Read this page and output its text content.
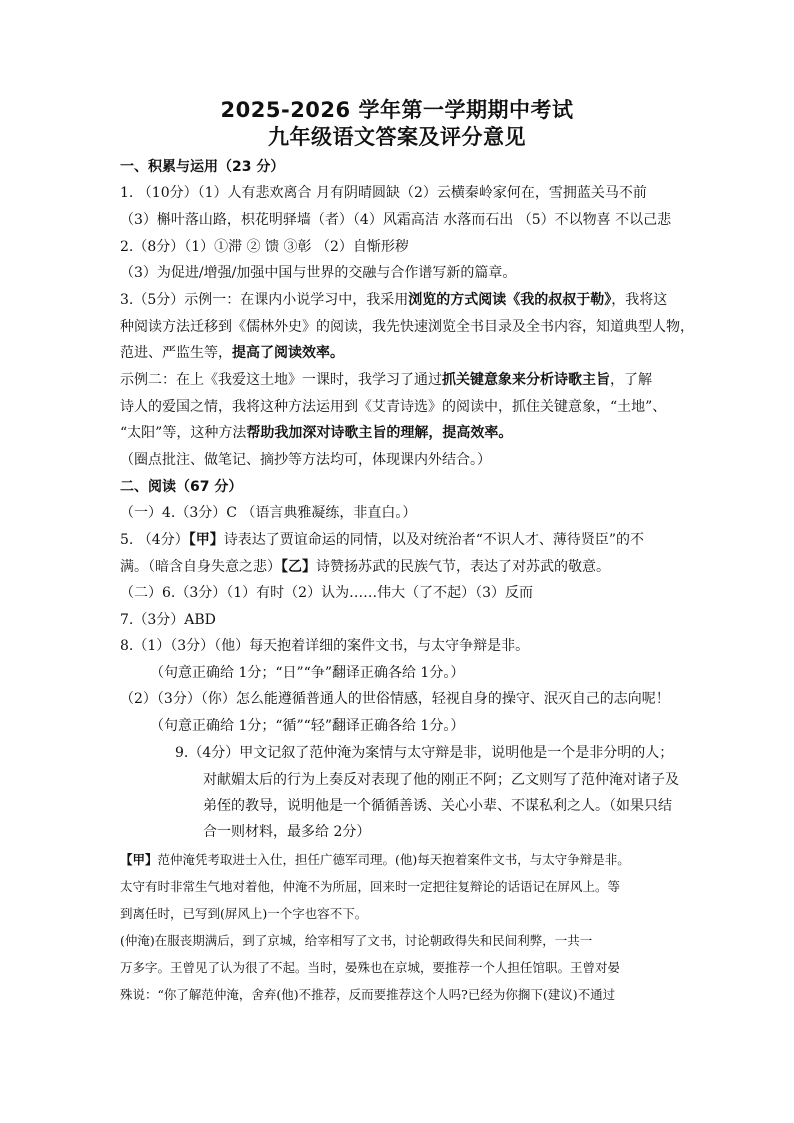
2025-2026 学年第一学期期中考试
九年级语文答案及评分意见
一、积累与运用（23 分）
1. （10分）（1）人有悲欢离合 月有阴晴圆缺（2）云横秦岭家何在，雪拥蓝关马不前
（3）槲叶落山路，枳花明驿墙（者）（4）风霜高洁 水落而石出 （5）不以物喜 不以己悲
2.（8分）（1）①滞 ② 馈 ③彰 （2）自惭形秽
（3）为促进/增强/加强中国与世界的交融与合作谱写新的篇章。
3.（5分）示例一：在课内小说学习中，我采用浏览的方式阅读《我的叔叔于勒》，我将这
种阅读方法迁移到《儒林外史》的阅读，我先快速浏览全书目录及全书内容，知道典型人物，
范进、严监生等，提高了阅读效率。
示例二：在上《我爱这土地》一课时，我学习了通过抓关键意象来分析诗歌主旨，了解
诗人的爱国之情，我将这种方法运用到《艾青诗选》的阅读中，抓住关键意象，“土地”、
“太阳”等，这种方法帮助我加深对诗歌主旨的理解，提高效率。
（圈点批注、做笔记、摘抄等方法均可，体现课内外结合。）
二、阅读（67 分）
（一）4.（3分）C （语言典雅凝练，非直白。）
5. （4分）【甲】诗表达了贾谊命运的同情，以及对统治者“不识人才、薄待贤臣”的不
满。（暗含自身失意之悲）【乙】诗赞扬苏武的民族气节，表达了对苏武的敬意。
（二）6.（3分）（1）有时（2）认为……伟大（了不起）（3）反而
7.（3分）ABD
8.（1）（3分）（他）每天抱着详细的案件文书，与太守争辩是非。
（句意正确给 1分；“日”“争”翻译正确各给 1分。）
（2）（3分）（你）怎么能遵循普通人的世俗情感，轻视自身的操守、泯灭自己的志向呢！
（句意正确给 1分；“循”“轻”翻译正确各给 1分。）
9.（4分）甲文记叙了范仲淹为案情与太守辩是非，说明他是一个是非分明的人；
对献媚太后的行为上奏反对表现了他的刚正不阿；乙文则写了范仲淹对诸子及
弟侄的教导，说明他是一个循循善诱、关心小辈、不谋私利之人。（如果只结
合一则材料，最多给 2分）
【甲】范仲淹凭考取进士入仕，担任广德军司理。(他)每天抱着案件文书，与太守争辩是非。
太守有时非常生气地对着他，仲淹不为所屈，回来时一定把往复辩论的话语记在屏风上。等
到离任时，已写到(屏风上)一个字也容不下。
(仲淹)在服丧期满后，到了京城，给宰相写了文书，讨论朝政得失和民间利弊，一共一
万多字。王曾见了认为很了不起。当时，晏殊也在京城，要推荐一个人担任馆职。王曾对晏
殊说：“你了解范仲淹，舍弃(他)不推荐，反而要推荐这个人吗?已经为你搁下(建议)不通过
